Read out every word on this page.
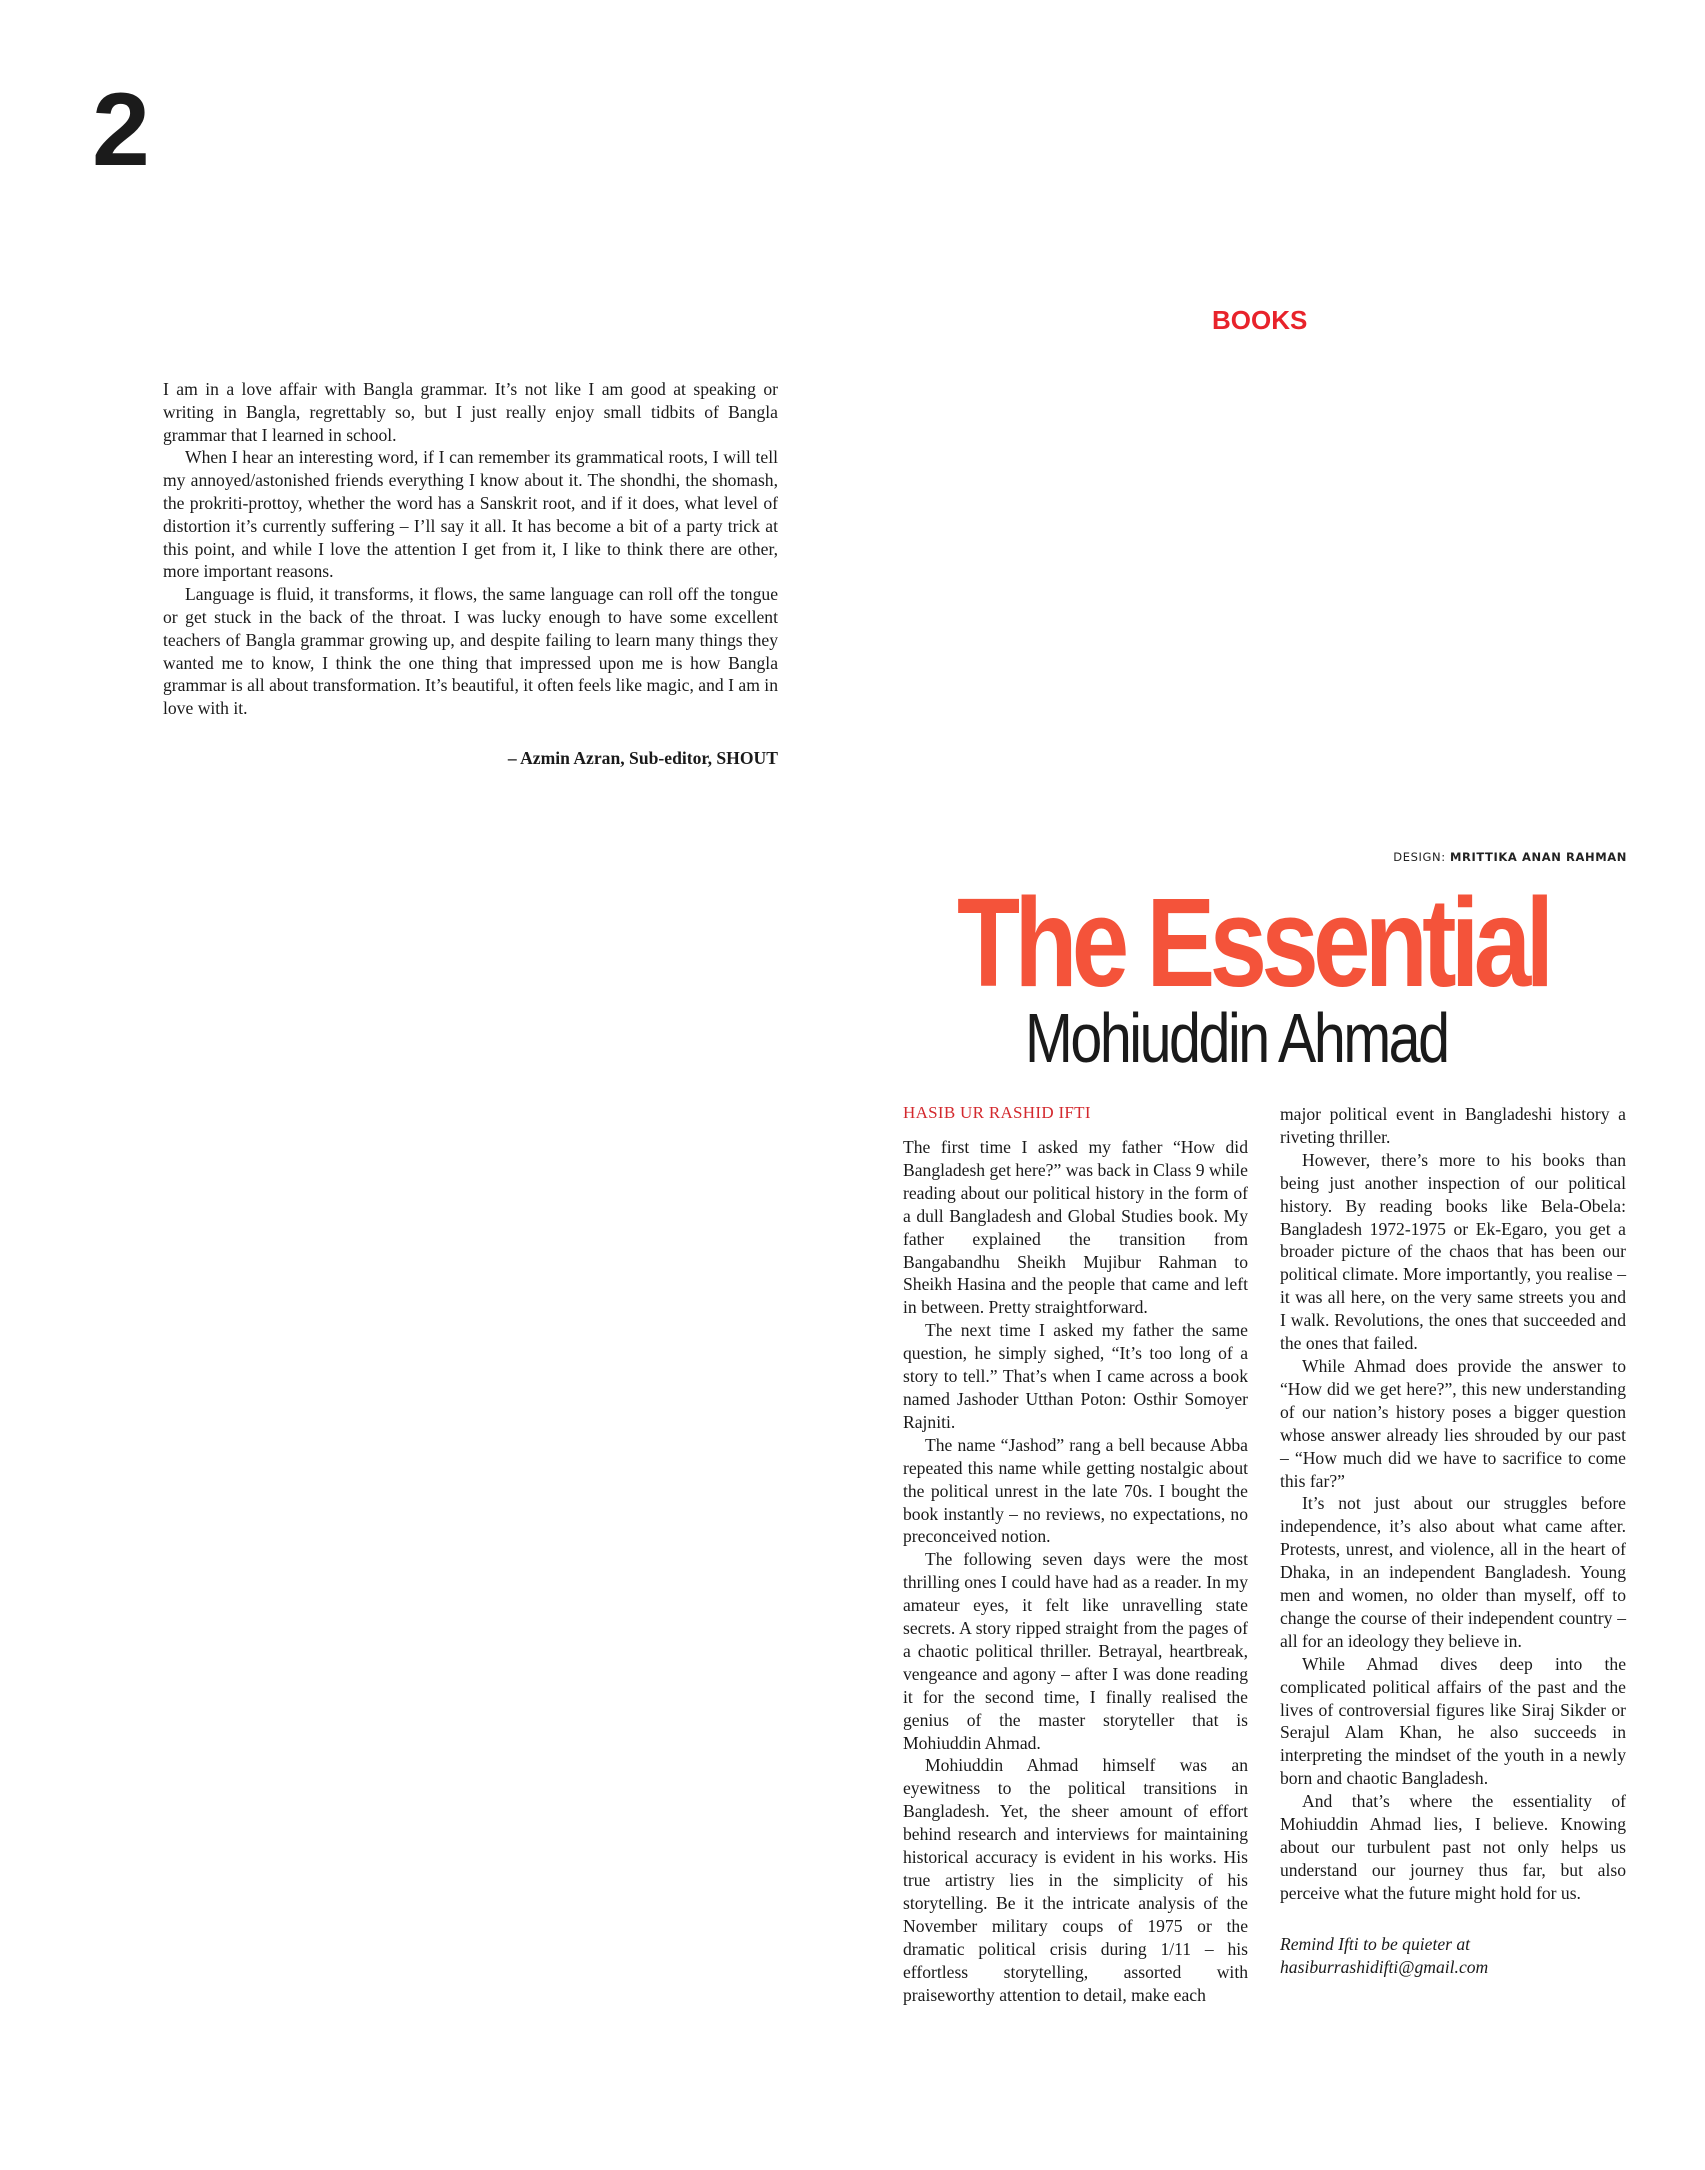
2
BOOKS

I am in a love affair with Bangla grammar. It’s not like I am good at speaking or writing in Bangla, regrettably so, but I just really enjoy small tidbits of Bangla grammar that I learned in school.

When I hear an interesting word, if I can remember its grammatical roots, I will tell my annoyed/astonished friends everything I know about it. The shondhi, the shomash, the prokriti-prottoy, whether the word has a Sanskrit root, and if it does, what level of distortion it’s currently suffering – I’ll say it all. It has become a bit of a party trick at this point, and while I love the attention I get from it, I like to think there are other, more important reasons.

Language is fluid, it transforms, it flows, the same language can roll off the tongue or get stuck in the back of the throat. I was lucky enough to have some excellent teachers of Bangla grammar growing up, and despite failing to learn many things they wanted me to know, I think the one thing that impressed upon me is how Bangla grammar is all about transformation. It’s beautiful, it often feels like magic, and I am in love with it.

– Azmin Azran, Sub-editor, SHOUT
DESIGN: MRITTIKA ANAN RAHMAN
The Essential
Mohiuddin Ahmad
HASIB UR RASHID IFTI

The first time I asked my father “How did Bangladesh get here?” was back in Class 9 while reading about our political history in the form of a dull Bangladesh and Global Studies book. My father explained the transition from Bangabandhu Sheikh Mujibur Rahman to Sheikh Hasina and the people that came and left in between. Pretty straightforward.

The next time I asked my father the same question, he simply sighed, “It’s too long of a story to tell.” That’s when I came across a book named Jashoder Utthan Poton: Osthir Somoyer Rajniti.

The name “Jashod” rang a bell because Abba repeated this name while getting nostalgic about the political unrest in the late 70s. I bought the book instantly – no reviews, no expectations, no preconceived notion.

The following seven days were the most thrilling ones I could have had as a reader. In my amateur eyes, it felt like unravelling state secrets. A story ripped straight from the pages of a chaotic political thriller. Betrayal, heartbreak, vengeance and agony – after I was done reading it for the second time, I finally realised the genius of the master storyteller that is Mohiuddin Ahmad.

Mohiuddin Ahmad himself was an eyewitness to the political transitions in Bangladesh. Yet, the sheer amount of effort behind research and interviews for maintaining historical accuracy is evident in his works. His true artistry lies in the simplicity of his storytelling. Be it the intricate analysis of the November military coups of 1975 or the dramatic political crisis during 1/11 – his effortless storytelling, assorted with praiseworthy attention to detail, make each

major political event in Bangladeshi history a riveting thriller.

However, there’s more to his books than being just another inspection of our political history. By reading books like Bela-Obela: Bangladesh 1972-1975 or Ek-Egaro, you get a broader picture of the chaos that has been our political climate. More importantly, you realise – it was all here, on the very same streets you and I walk. Revolutions, the ones that succeeded and the ones that failed.

While Ahmad does provide the answer to “How did we get here?”, this new understanding of our nation’s history poses a bigger question whose answer already lies shrouded by our past – “How much did we have to sacrifice to come this far?”

It’s not just about our struggles before independence, it’s also about what came after. Protests, unrest, and violence, all in the heart of Dhaka, in an independent Bangladesh. Young men and women, no older than myself, off to change the course of their independent country – all for an ideology they believe in.

While Ahmad dives deep into the complicated political affairs of the past and the lives of controversial figures like Siraj Sikder or Serajul Alam Khan, he also succeeds in interpreting the mindset of the youth in a newly born and chaotic Bangladesh.

And that’s where the essentiality of Mohiuddin Ahmad lies, I believe. Knowing about our turbulent past not only helps us understand our journey thus far, but also perceive what the future might hold for us.

Remind Ifti to be quieter at
hasiburrashidifti@gmail.com
